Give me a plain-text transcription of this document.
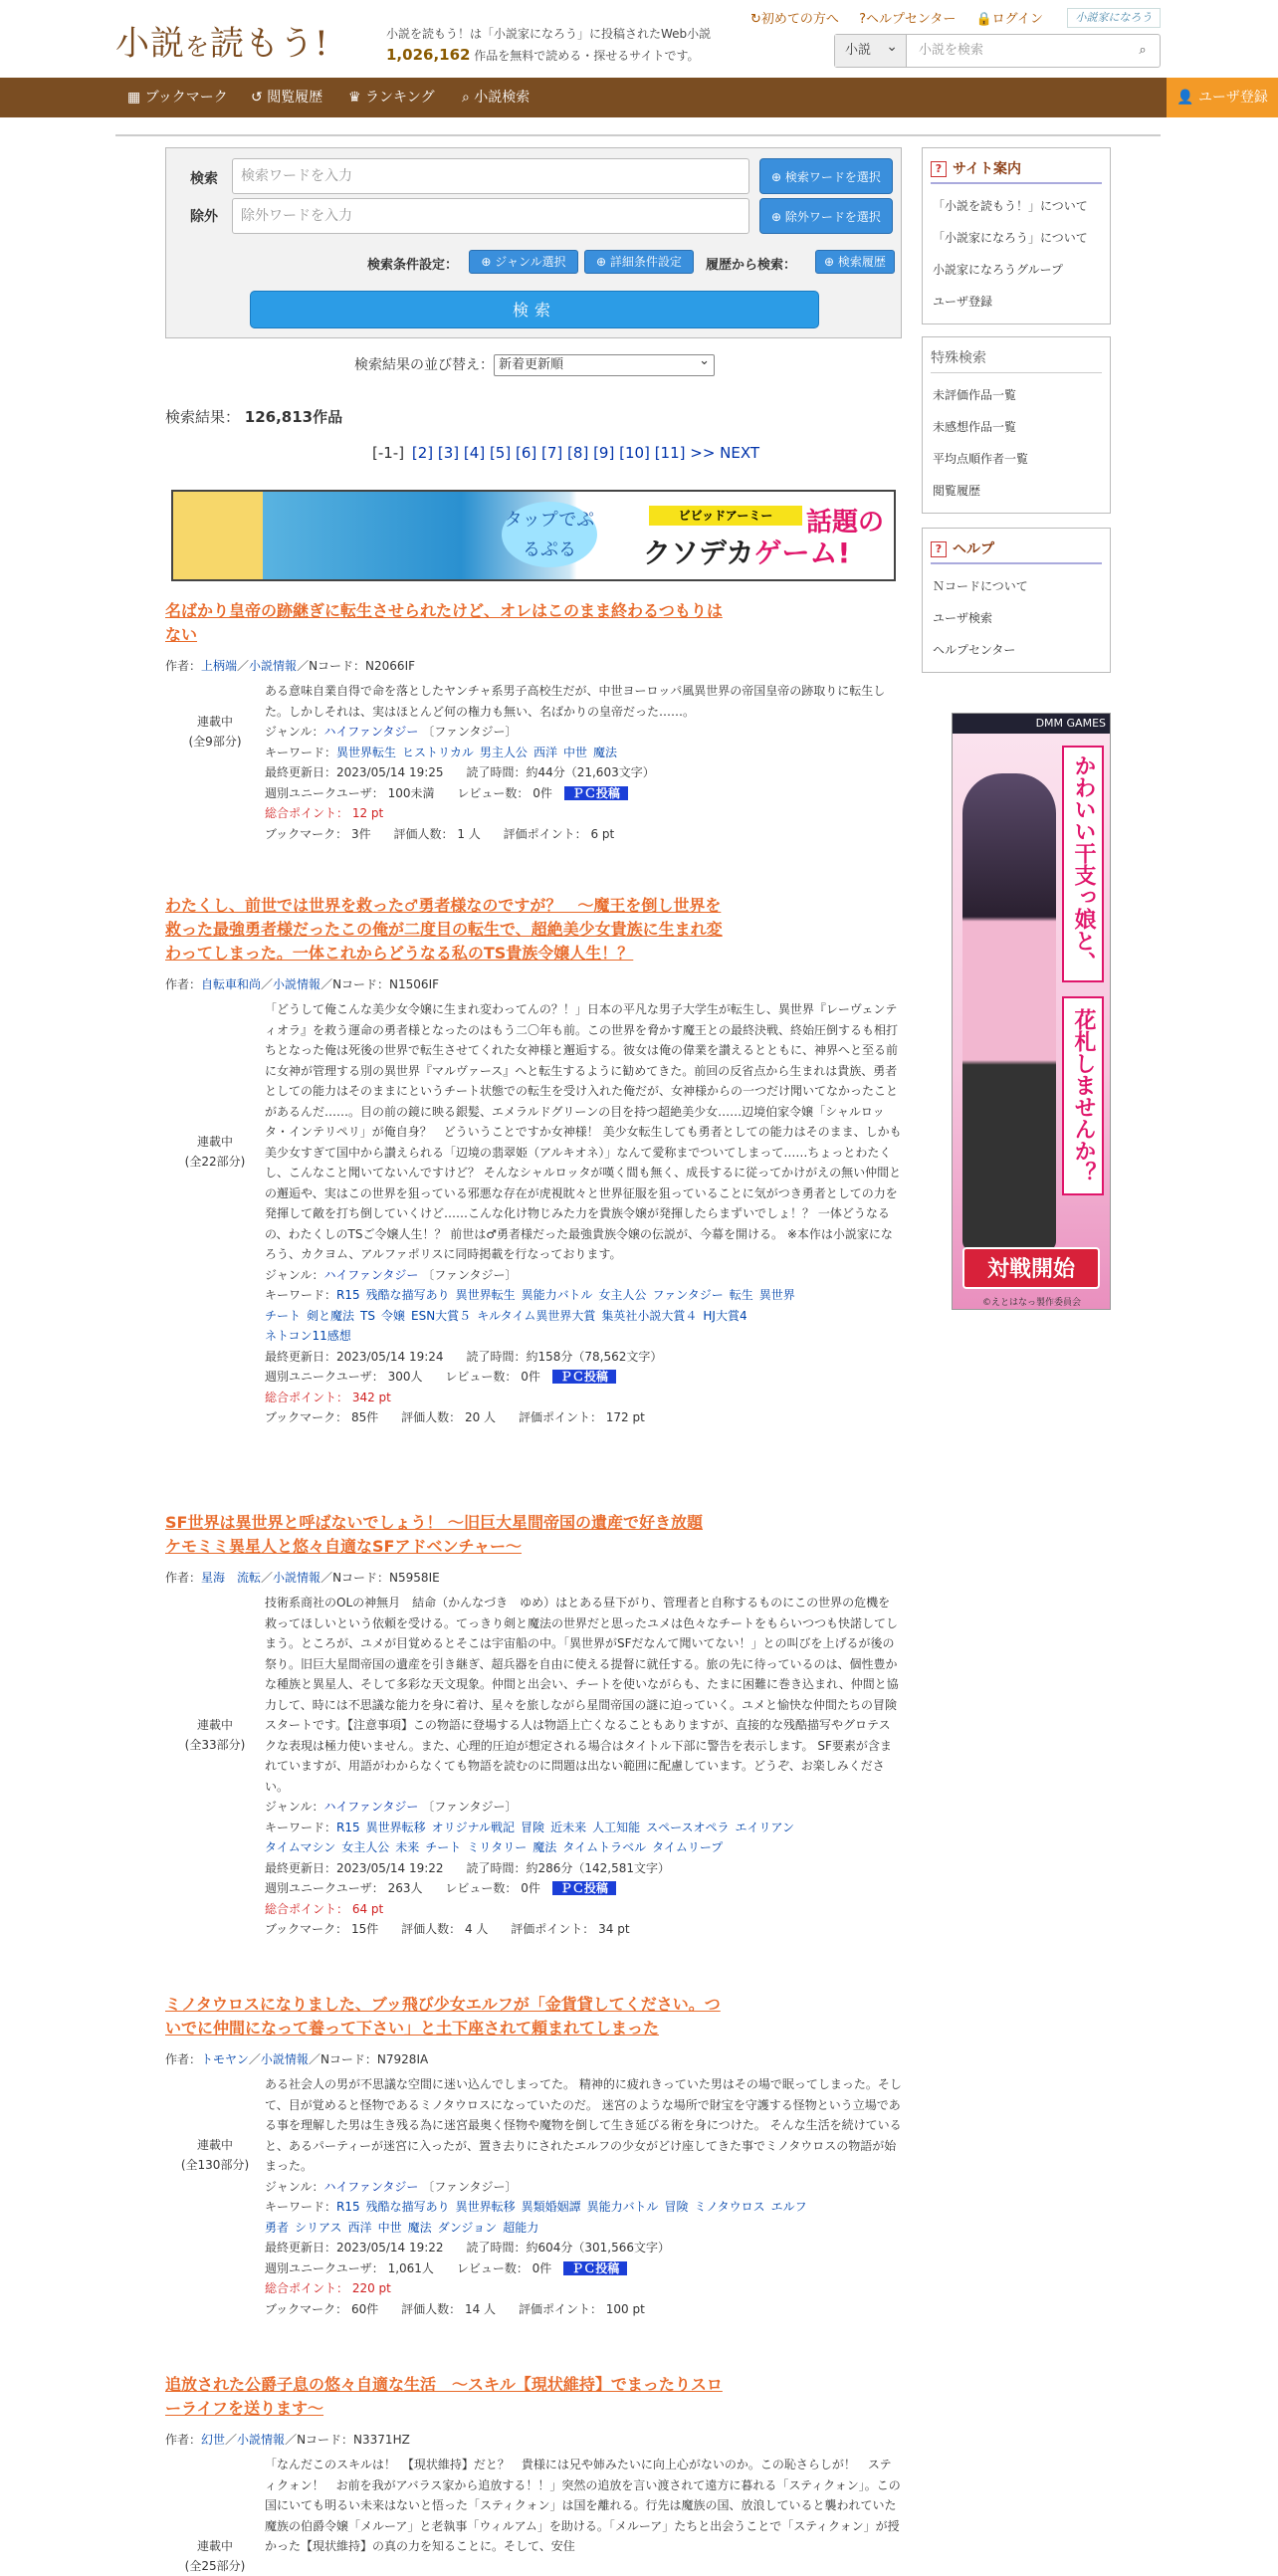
小説を読もう!	小説を読もう！は「小説家になろう」に投稿されたWeb小説
1,026,162 作品を無料で読める・探せるサイトです。
↻初めての方へ ?ヘルプセンター 🔒ログイン	小説家になろう
小説 ⌄	小説を検索	⌕
▦ ブックマーク ↺ 閲覧履歴 ♛ ランキング ⌕ 小説検索	👤 ユーザ登録
検索	検索ワードを入力	⊕ 検索ワードを選択
除外	除外ワードを入力	⊕ 除外ワードを選択
検索条件設定：	⊕ ジャンル選択	⊕ 詳細条件設定	履歴から検索：	⊕ 検索履歴
検索
検索結果の並び替え： 新着更新順 ⌄
検索結果： 126,813作品
[-1-] [2] [3] [4] [5] [6] [7] [8] [9] [10] [11] >> NEXT
タップでぷるぷる
ビビッドアーミー
クソデカゲーム!
話題の
名ばかり皇帝の跡継ぎに転生させられたけど、オレはこのまま終わるつもりは
ない
作者：上柄端／小説情報／Nコード：N2066IF
連載中
(全9部分)
ある意味自業自得で命を落としたヤンチャ系男子高校生だが、中世ヨーロッパ風異世界の帝国皇帝の跡取りに転生した。しかしそれは、実はほとんど何の権力も無い、名ばかりの皇帝だった……。
ジャンル：ハイファンタジー 〔ファンタジー〕
キーワード：異世界転生 ヒストリカル 男主人公 西洋 中世 魔法
最終更新日：2023/05/14 19:25 読了時間：約44分（21,603文字）
週別ユニークユーザ： 100未満 レビュー数： 0件 ＰＣ投稿
総合ポイント： 12 pt
ブックマーク： 3件 評価人数： 1 人 評価ポイント： 6 pt
わたくし、前世では世界を救った♂勇者様なのですが？　～魔王を倒し世界を
救った最強勇者様だったこの俺が二度目の転生で、超絶美少女貴族に生まれ変
わってしまった。一体これからどうなる私のTS貴族令嬢人生！？
作者：自転車和尚／小説情報／Nコード：N1506IF
連載中
(全22部分)
「どうして俺こんな美少女令嬢に生まれ変わってんの？！」日本の平凡な男子大学生が転生し、異世界『レーヴェンティオラ』を救う運命の勇者様となったのはもう二〇年も前。この世界を脅かす魔王との最終決戦、終始圧倒するも相打ちとなった俺は死後の世界で転生させてくれた女神様と邂逅する。彼女は俺の偉業を讃えるとともに、神界へと至る前に女神が管理する別の異世界『マルヴァース』へと転生するように勧めてきた。前回の反省点から生まれは貴族、勇者としての能力はそのままにというチート状態での転生を受け入れた俺だが、女神様からの一つだけ聞いてなかったことがあるんだ……。目の前の鏡に映る銀髪、エメラルドグリーンの目を持つ超絶美少女……辺境伯家令嬢「シャルロッタ・インテリペリ」が俺自身？　どういうことですか女神様！ 美少女転生しても勇者としての能力はそのまま、しかも美少女すぎて国中から讃えられる「辺境の翡翠姫（アルキオネ）」なんて愛称までついてしまって……ちょっとわたくし、こんなこと聞いてないんですけど？ そんなシャルロッタが嘆く間も無く、成長するに従ってかけがえの無い仲間との邂逅や、実はこの世界を狙っている邪悪な存在が虎視眈々と世界征服を狙っていることに気がつき勇者としての力を発揮して敵を打ち倒していくけど……こんな化け物じみた力を貴族令嬢が発揮したらまずいでしょ！？ 一体どうなるの、わたくしのTSご令嬢人生！？ 前世は♂勇者様だった最強貴族令嬢の伝説が、今幕を開ける。 ※本作は小説家になろう、カクヨム、アルファポリスに同時掲載を行なっております。
ジャンル：ハイファンタジー 〔ファンタジー〕
キーワード：R15 残酷な描写あり 異世界転生 異能力バトル 女主人公 ファンタジー 転生 異世界
チート 剣と魔法 TS 令嬢 ESN大賞５ キルタイム異世界大賞 集英社小説大賞４ HJ大賞4
ネトコン11感想
最終更新日：2023/05/14 19:24 読了時間：約158分（78,562文字）
週別ユニークユーザ： 300人 レビュー数： 0件 ＰＣ投稿
総合ポイント： 342 pt
ブックマーク： 85件 評価人数： 20 人 評価ポイント： 172 pt
SF世界は異世界と呼ばないでしょう！ ～旧巨大星間帝国の遺産で好き放題
ケモミミ異星人と悠々自適なSFアドベンチャー～
作者：星海　流転／小説情報／Nコード：N5958IE
連載中
(全33部分)
技術系商社のOLの神無月　結命（かんなづき　ゆめ）はとある昼下がり、管理者と自称するものにこの世界の危機を救ってほしいという依頼を受ける。てっきり剣と魔法の世界だと思ったユメは色々なチートをもらいつつも快諾してしまう。ところが、ユメが目覚めるとそこは宇宙船の中。「異世界がSFだなんて聞いてない！」との叫びを上げるが後の祭り。旧巨大星間帝国の遺産を引き継ぎ、超兵器を自由に使える提督に就任する。旅の先に待っているのは、個性豊かな種族と異星人、そして多彩な天文現象。仲間と出会い、チートを使いながらも、たまに困難に巻き込まれ、仲間と協力して、時には不思議な能力を身に着け、星々を旅しながら星間帝国の謎に迫っていく。ユメと愉快な仲間たちの冒険スタートです。【注意事項】この物語に登場する人は物語上亡くなることもありますが、直接的な残酷描写やグロテスクな表現は極力使いません。また、心理的圧迫が想定される場合はタイトル下部に警告を表示します。 SF要素が含まれていますが、用語がわからなくても物語を読むのに問題は出ない範囲に配慮しています。どうぞ、お楽しみください。
ジャンル：ハイファンタジー 〔ファンタジー〕
キーワード：R15 異世界転移 オリジナル戦記 冒険 近未来 人工知能 スペースオペラ エイリアン
タイムマシン 女主人公 未来 チート ミリタリー 魔法 タイムトラベル タイムリープ
最終更新日：2023/05/14 19:22 読了時間：約286分（142,581文字）
週別ユニークユーザ： 263人 レビュー数： 0件 ＰＣ投稿
総合ポイント： 64 pt
ブックマーク： 15件 評価人数： 4 人 評価ポイント： 34 pt
ミノタウロスになりました、ブッ飛び少女エルフが「金貨貸してください。つ
いでに仲間になって養って下さい」と土下座されて頼まれてしまった
作者：トモヤン／小説情報／Nコード：N7928IA
連載中
(全130部分)
ある社会人の男が不思議な空間に迷い込んでしまってた。 精神的に疲れきっていた男はその場で眠ってしまった。そして、目が覚めると怪物であるミノタウロスになっていたのだ。 迷宮のような場所で財宝を守護する怪物という立場である事を理解した男は生き残る為に迷宮最奥く怪物や魔物を倒して生き延びる術を身につけた。 そんな生活を続けていると、あるパーティーが迷宮に入ったが、置き去りにされたエルフの少女がどけ座してきた事でミノタウロスの物語が始まった。
ジャンル：ハイファンタジー 〔ファンタジー〕
キーワード：R15 残酷な描写あり 異世界転移 異類婚姻譚 異能力バトル 冒険 ミノタウロス エルフ
勇者 シリアス 西洋 中世 魔法 ダンジョン 超能力
最終更新日：2023/05/14 19:22 読了時間：約604分（301,566文字）
週別ユニークユーザ： 1,061人 レビュー数： 0件 ＰＣ投稿
総合ポイント： 220 pt
ブックマーク： 60件 評価人数： 14 人 評価ポイント： 100 pt
追放された公爵子息の悠々自適な生活　～スキル【現状維持】でまったりスロ
ーライフを送ります～
作者：幻世／小説情報／Nコード：N3371HZ
連載中
(全25部分)
「なんだこのスキルは！　【現状維持】だと？　貴様には兄や姉みたいに向上心がないのか。この恥さらしが！　スティクォン！　お前を我がアバラス家から追放する！！」突然の追放を言い渡されて遠方に暮れる「スティクォン」。この国にいても明るい未来はないと悟った「スティクォン」は国を離れる。行先は魔族の国、放浪していると襲われていた魔族の伯爵令嬢「メルーア」と老執事「ウィルアム」を助ける。「メルーア」たちと出会うことで「スティクォン」が授かった【現状維持】の真の力を知ることに。そして、安住
? サイト案内
「小説を読もう！」について
「小説家になろう」について
小説家になろうグループ
ユーザ登録
特殊検索
未評価作品一覧
未感想作品一覧
平均点順作者一覧
閲覧履歴
? ヘルプ
Ｎコードについて
ユーザ検索
ヘルプセンター
DMM GAMES
かわいい干支っ娘と、
花札しませんか？
対戦開始
©えとはなっ製作委員会
